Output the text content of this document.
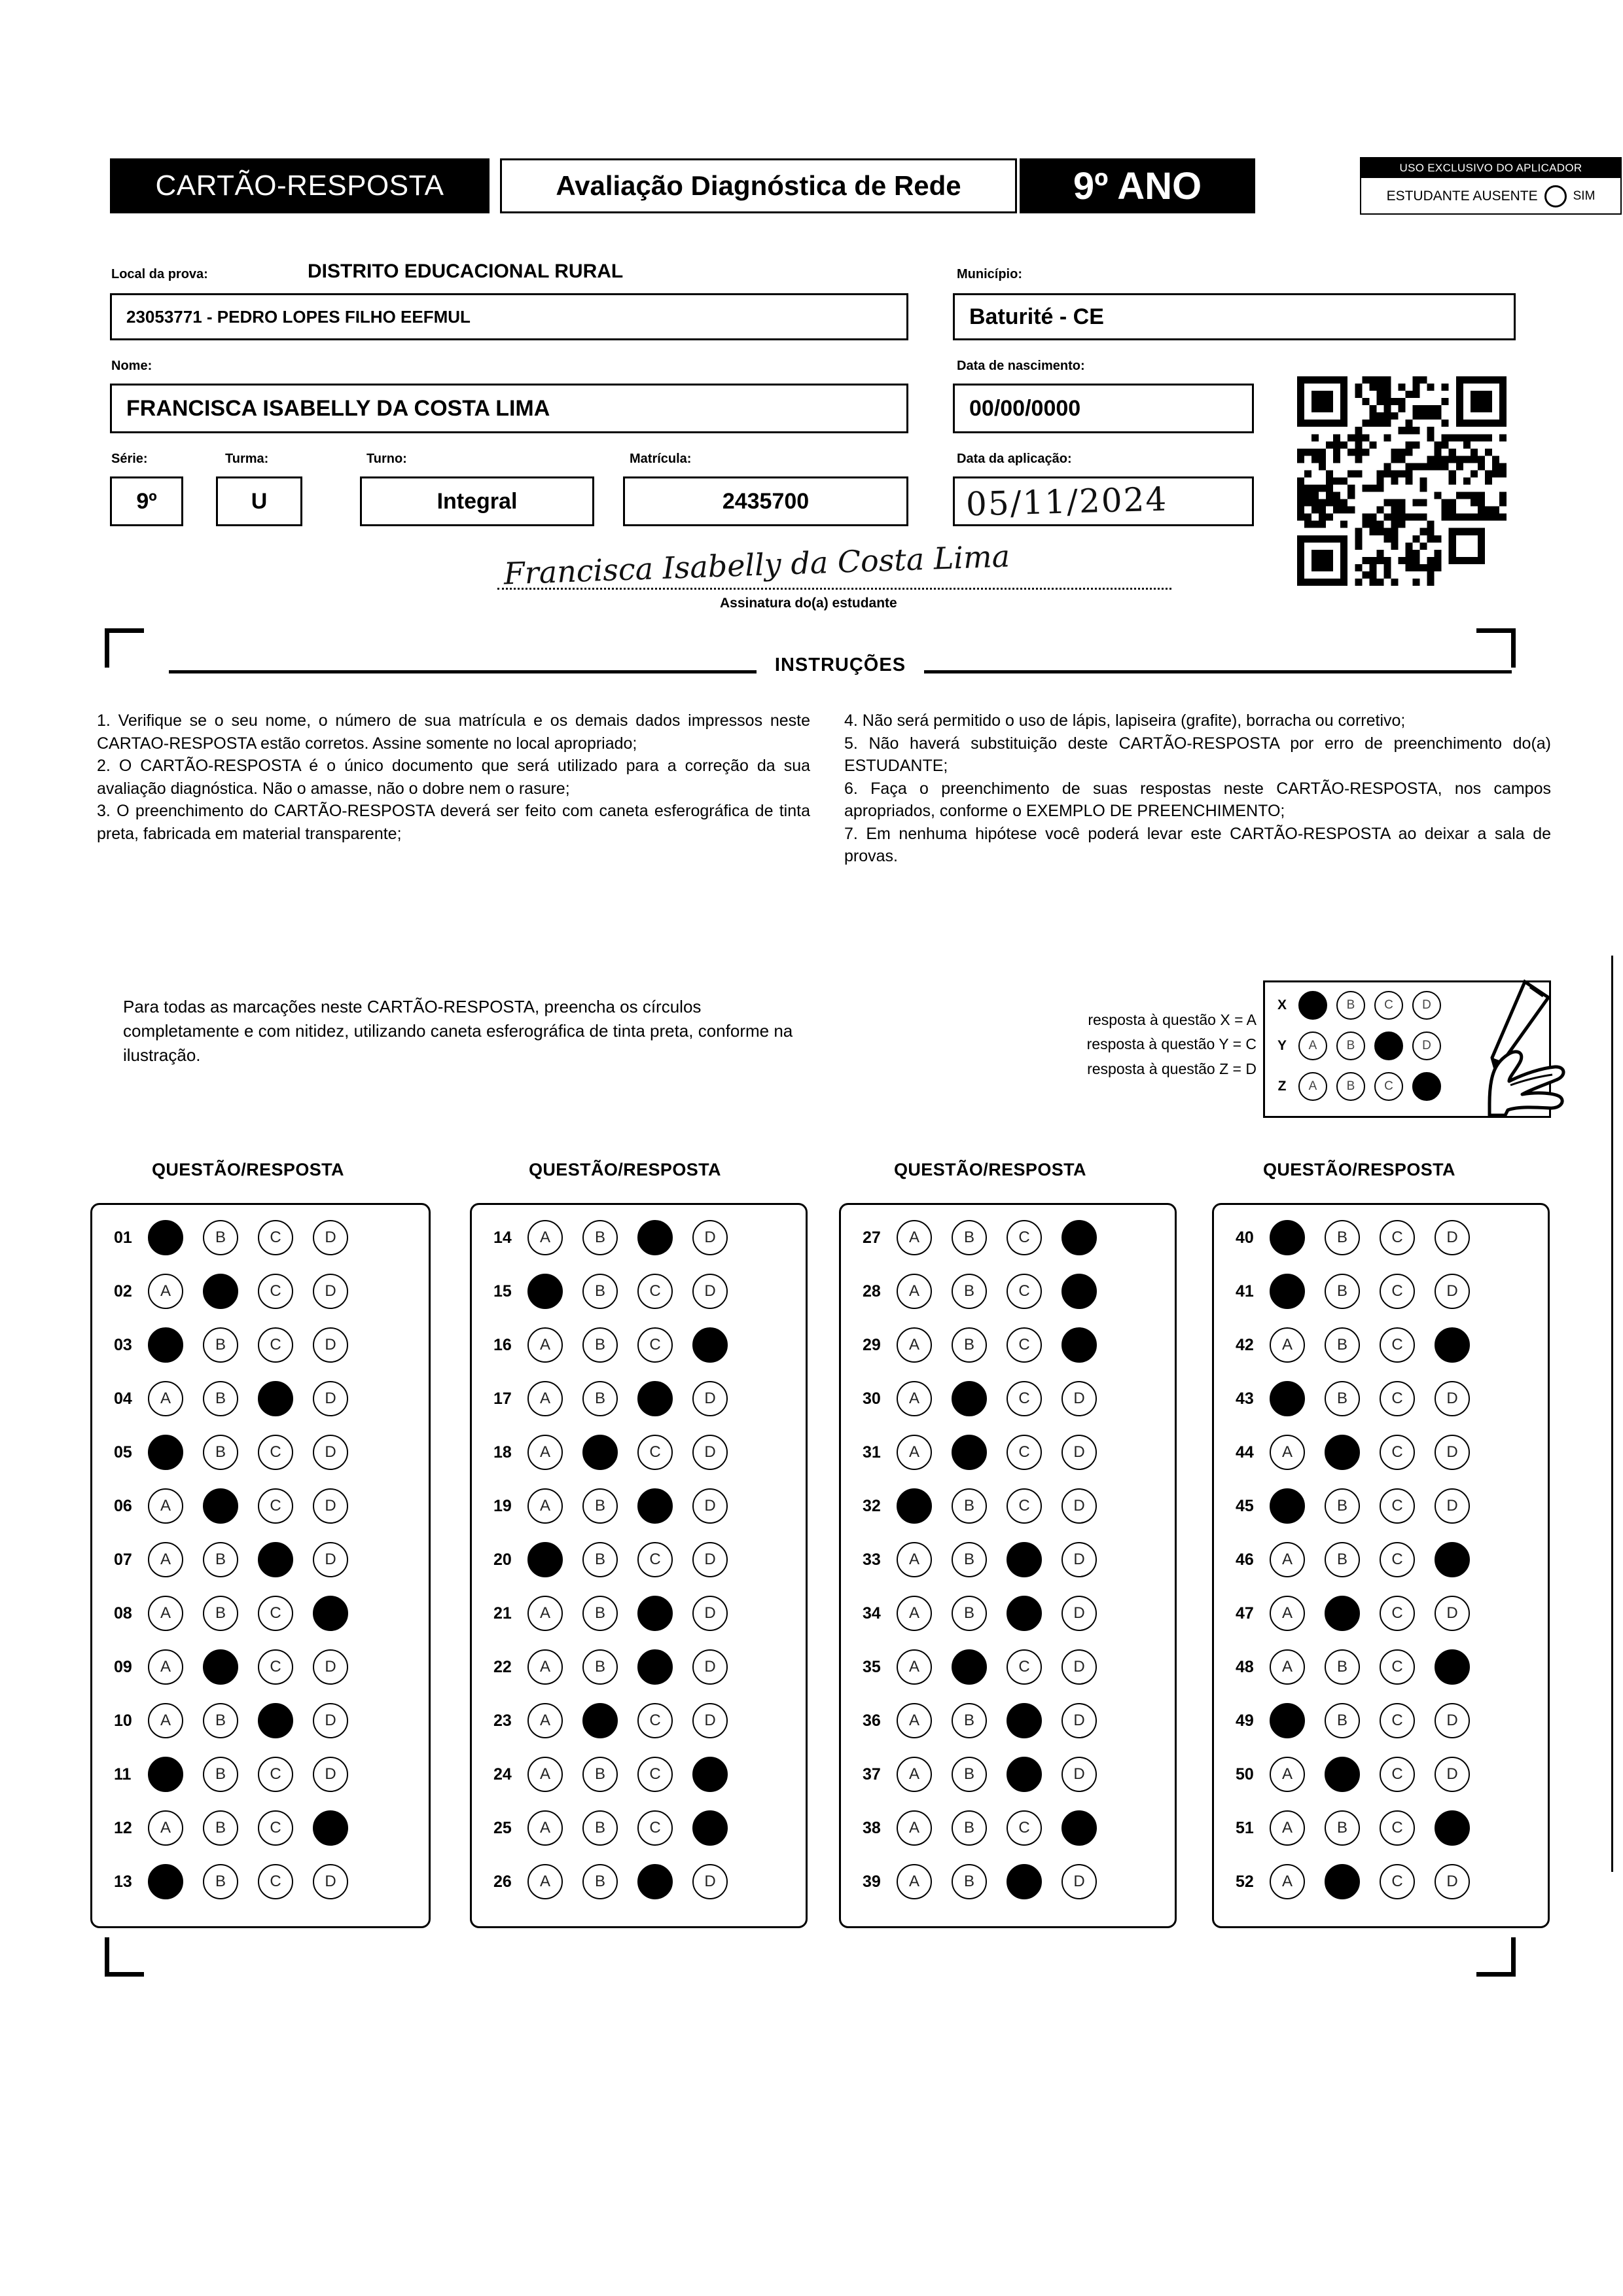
CARTÃO-RESPOSTA	Avaliação Diagnóstica de Rede	9º ANO	USO EXCLUSIVO DO APLICADOR
ESTUDANTE AUSENTE	SIM
Local da prova:	DISTRITO EDUCACIONAL RURAL
23053771 - PEDRO LOPES FILHO EEFMUL
Município:
Baturité - CE
Nome:
FRANCISCA ISABELLY DA COSTA LIMA
Data de nascimento:
00/00/0000
Série:
9º
Turma:
U
Turno:
Integral
Matrícula:
2435700
Data da aplicação:
05/11/2024
Francisca Isabelly da Costa Lima
Assinatura do(a) estudante
INSTRUÇÕES

1. Verifique se o seu nome, o número de sua matrícula e os demais dados impressos neste CARTAO-RESPOSTA estão corretos. Assine somente no local apropriado;

2. O CARTÃO-RESPOSTA é o único documento que será utilizado para a correção da sua avaliação diagnóstica. Não o amasse, não o dobre nem o rasure;

3. O preenchimento do CARTÃO-RESPOSTA deverá ser feito com caneta esferográfica de tinta preta, fabricada em material transparente;

4. Não será permitido o uso de lápis, lapiseira (grafite), borracha ou corretivo;

5. Não haverá substituição deste CARTÃO-RESPOSTA por erro de preenchimento do(a) ESTUDANTE;

6. Faça o preenchimento de suas respostas neste CARTÃO-RESPOSTA, nos campos apropriados, conforme o EXEMPLO DE PREENCHIMENTO;

7. Em nenhuma hipótese você poderá levar este CARTÃO-RESPOSTA ao deixar a sala de provas.

Para todas as marcações neste CARTÃO-RESPOSTA, preencha os círculos completamente e com nitidez, utilizando caneta esferográfica de tinta preta, conforme na ilustração.
resposta à questão X = A
resposta à questão Y = C
resposta à questão Z = D
X	A	B	C	D
Y	A	B	C	D
Z	A	B	C	D
QUESTÃO/RESPOSTA
01	B	C	D
02	A	C	D
03	B	C	D
04	A	B	D
05	B	C	D
06	A	C	D
07	A	B	D
08	A	B	C
09	A	C	D
10	A	B	D
11	B	C	D
12	A	B	C
13	B	C	D
QUESTÃO/RESPOSTA
14	A	B	D
15	B	C	D
16	A	B	C
17	A	B	D
18	A	C	D
19	A	B	D
20	B	C	D
21	A	B	D
22	A	B	D
23	A	C	D
24	A	B	C
25	A	B	C
26	A	B	D
QUESTÃO/RESPOSTA
27	A	B	C
28	A	B	C
29	A	B	C
30	A	C	D
31	A	C	D
32	B	C	D
33	A	B	D
34	A	B	D
35	A	C	D
36	A	B	D
37	A	B	D
38	A	B	C
39	A	B	D
QUESTÃO/RESPOSTA
40	B	C	D
41	B	C	D
42	A	B	C
43	B	C	D
44	A	C	D
45	B	C	D
46	A	B	C
47	A	C	D
48	A	B	C
49	B	C	D
50	A	C	D
51	A	B	C
52	A	C	D
